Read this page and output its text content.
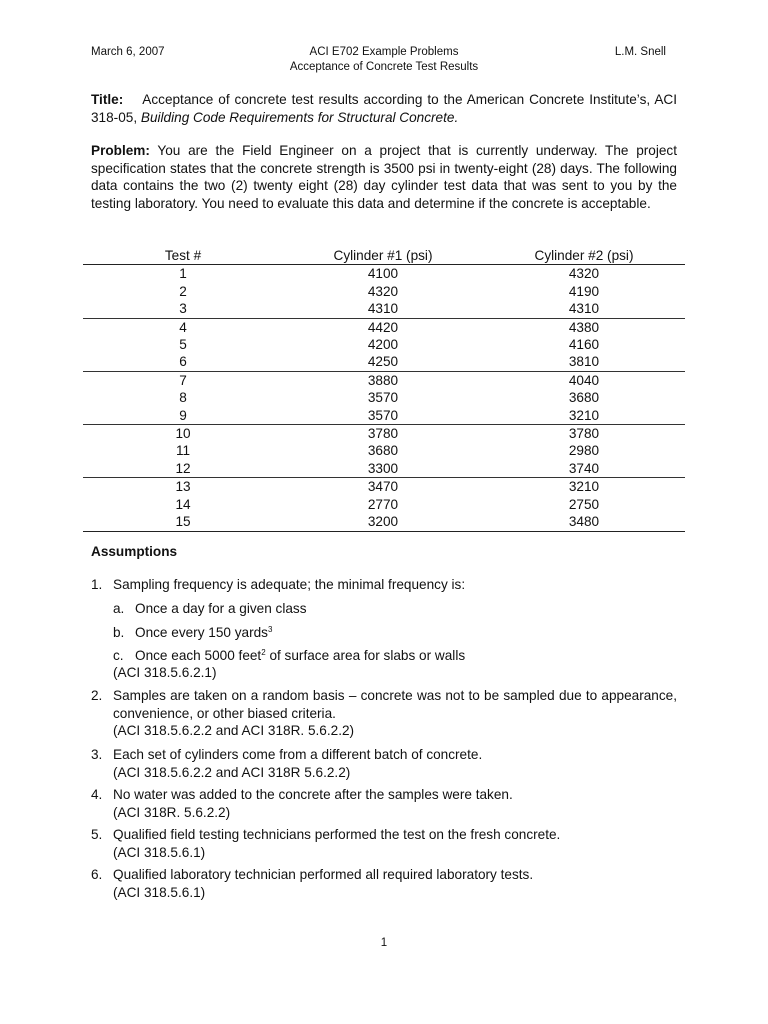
March 6, 2007	ACI E702 Example Problems
Acceptance of Concrete Test Results
L.M. Snell
Title: Acceptance of concrete test results according to the American Concrete Institute’s, ACI 318-05, Building Code Requirements for Structural Concrete.
Problem: You are the Field Engineer on a project that is currently underway. The project specification states that the concrete strength is 3500 psi in twenty-eight (28) days. The following data contains the two (2) twenty eight (28) day cylinder test data that was sent to you by the testing laboratory. You need to evaluate this data and determine if the concrete is acceptable.
Test #	Cylinder #1 (psi)	Cylinder #2 (psi)
1	4100	4320
2	4320	4190
3	4310	4310
4	4420	4380
5	4200	4160
6	4250	3810
7	3880	4040
8	3570	3680
9	3570	3210
10	3780	3780
11	3680	2980
12	3300	3740
13	3470	3210
14	2770	2750
15	3200	3480
Assumptions
1. Sampling frequency is adequate; the minimal frequency is:
a. Once a day for a given class
b. Once every 150 yards$^3$
c. Once each 5000 feet$^2$ of surface area for slabs or walls
(ACI 318.5.6.2.1)
2. Samples are taken on a random basis – concrete was not to be sampled due to appearance, convenience, or other biased criteria.
(ACI 318.5.6.2.2 and ACI 318R. 5.6.2.2)
3. Each set of cylinders come from a different batch of concrete.
(ACI 318.5.6.2.2 and ACI 318R 5.6.2.2)
4. No water was added to the concrete after the samples were taken.
(ACI 318R. 5.6.2.2)
5. Qualified field testing technicians performed the test on the fresh concrete.
(ACI 318.5.6.1)
6. Qualified laboratory technician performed all required laboratory tests.
(ACI 318.5.6.1)
1
